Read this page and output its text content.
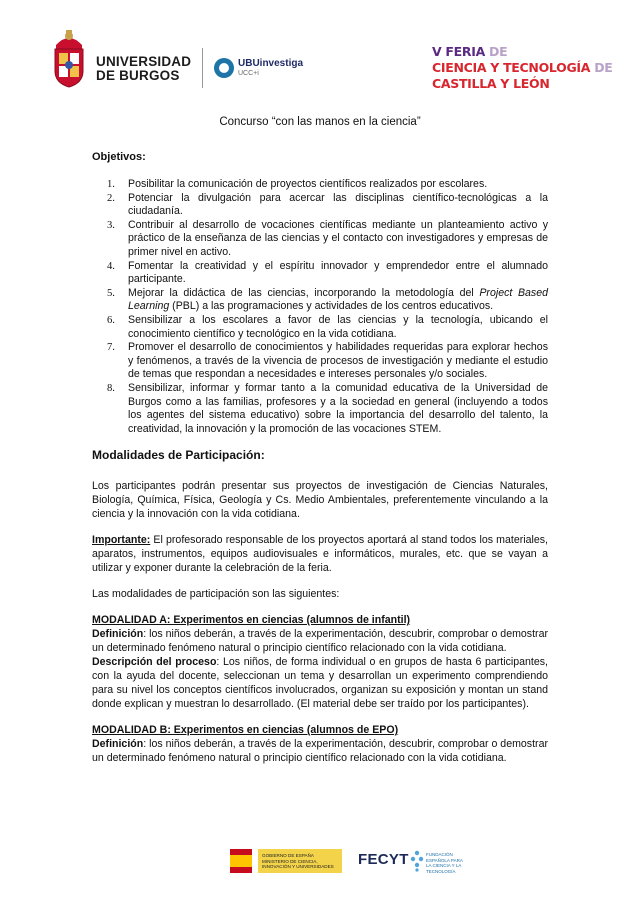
UNIVERSIDAD
DE BURGOS
UBUinvestiga
UCC+i
V FERIA DE
CIENCIA Y TECNOLOGÍA DE
CASTILLA Y LEÓN
Concurso “con las manos en la ciencia”
Objetivos:
1. Posibilitar la comunicación de proyectos científicos realizados por escolares.
2. Potenciar la divulgación para acercar las disciplinas científico-tecnológicas a la ciudadanía.
3. Contribuir al desarrollo de vocaciones científicas mediante un planteamiento activo y práctico de la enseñanza de las ciencias y el contacto con investigadores y empresas de primer nivel en activo.
4. Fomentar la creatividad y el espíritu innovador y emprendedor entre el alumnado participante.
5. Mejorar la didáctica de las ciencias, incorporando la metodología del Project Based Learning (PBL) a las programaciones y actividades de los centros educativos.
6. Sensibilizar a los escolares a favor de las ciencias y la tecnología, ubicando el conocimiento científico y tecnológico en la vida cotidiana.
7. Promover el desarrollo de conocimientos y habilidades requeridas para explorar hechos y fenómenos, a través de la vivencia de procesos de investigación y mediante el estudio de temas que respondan a necesidades e intereses personales y/o sociales.
8. Sensibilizar, informar y formar tanto a la comunidad educativa de la Universidad de Burgos como a las familias, profesores y a la sociedad en general (incluyendo a todos los agentes del sistema educativo) sobre la importancia del desarrollo del talento, la creatividad, la innovación y la promoción de las vocaciones STEM.
Modalidades de Participación:

Los participantes podrán presentar sus proyectos de investigación de Ciencias Naturales, Biología, Química, Física, Geología y Cs. Medio Ambientales, preferentemente vinculando a la ciencia y la innovación con la vida cotidiana.

Importante: El profesorado responsable de los proyectos aportará al stand todos los materiales, aparatos, instrumentos, equipos audiovisuales e informáticos, murales, etc. que se vayan a utilizar y exponer durante la celebración de la feria.

Las modalidades de participación son las siguientes:

MODALIDAD A: Experimentos en ciencias (alumnos de infantil)

Definición: los niños deberán, a través de la experimentación, descubrir, comprobar o demostrar un determinado fenómeno natural o principio científico relacionado con la vida cotidiana.

Descripción del proceso: Los niños, de forma individual o en grupos de hasta 6 participantes, con la ayuda del docente, seleccionan un tema y desarrollan un experimento comprendiendo para su nivel los conceptos científicos involucrados, organizan su exposición y montan un stand donde explican y muestran lo desarrollado. (El material debe ser traído por los participantes).

MODALIDAD B: Experimentos en ciencias (alumnos de EPO)

Definición: los niños deberán, a través de la experimentación, descubrir, comprobar o demostrar un determinado fenómeno natural o principio científico relacionado con la vida cotidiana.

GOBIERNO DE ESPAÑA
MINISTERIO DE CIENCIA, INNOVACIÓN Y UNIVERSIDADES	FECYT	FUNDACIÓN ESPAÑOLA PARA LA CIENCIA Y LA TECNOLOGÍA
